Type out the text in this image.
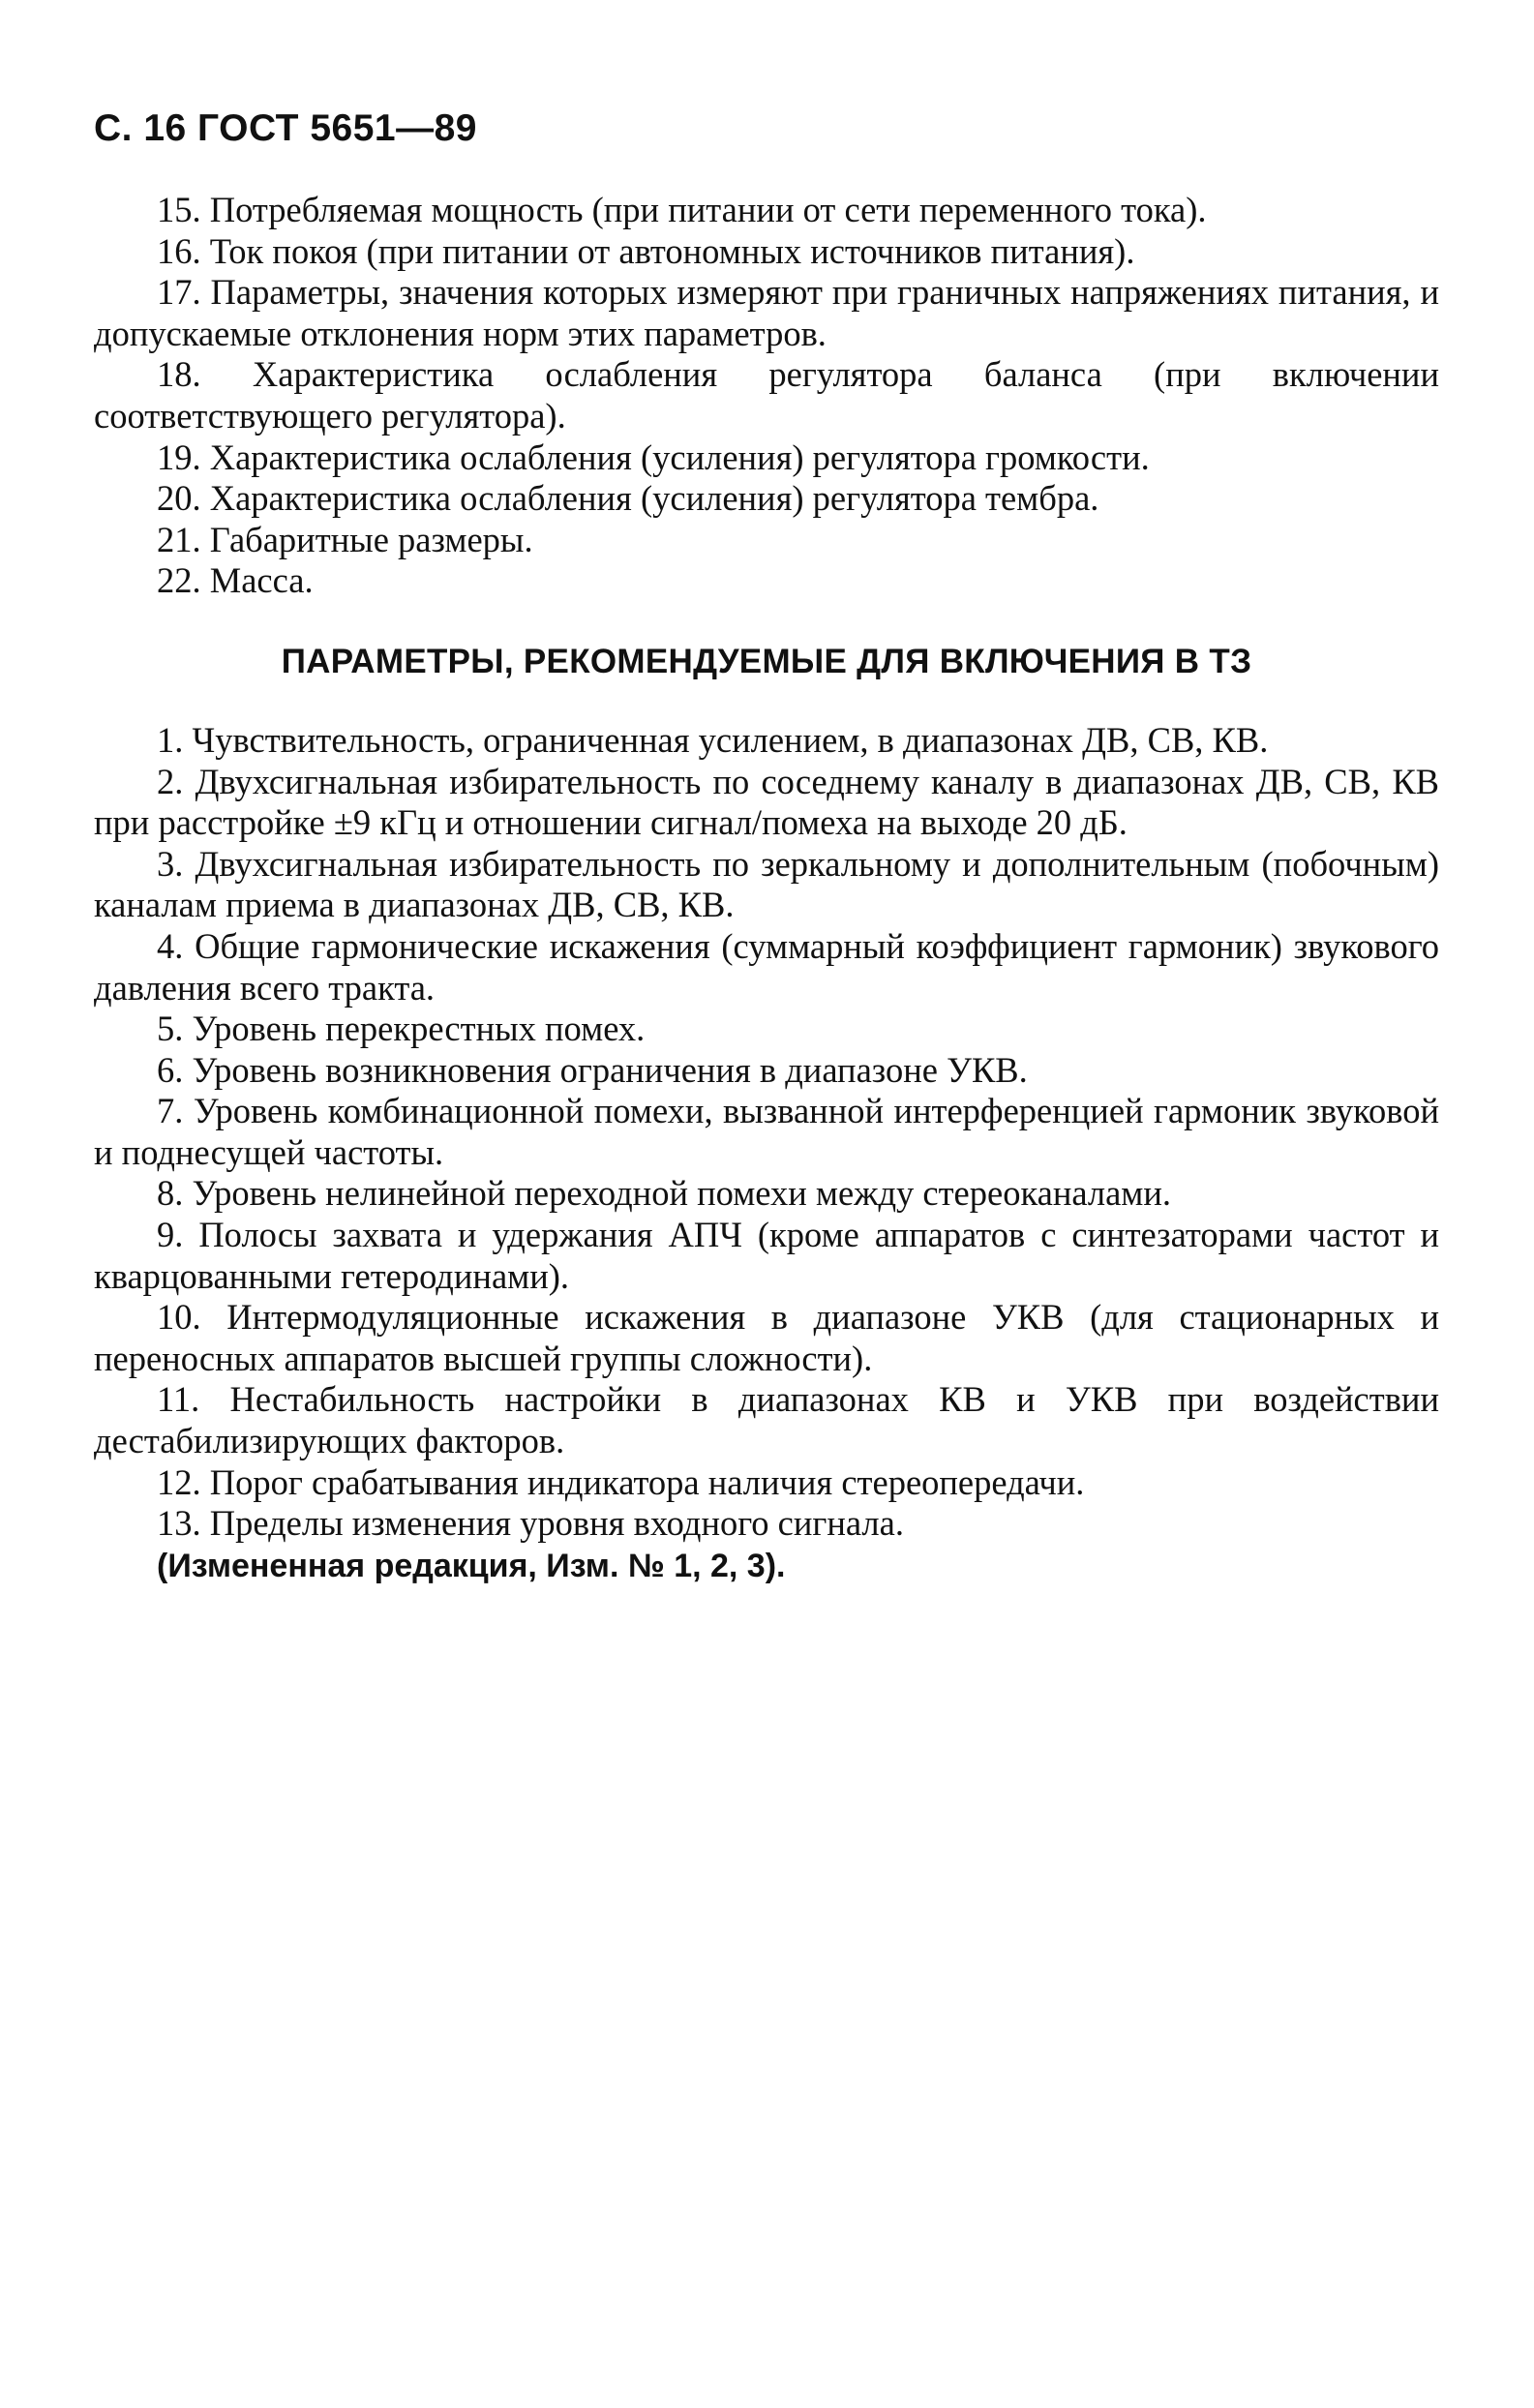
С. 16 ГОСТ 5651—89
15. Потребляемая мощность (при питании от сети переменного тока).
16. Ток покоя (при питании от автономных источников питания).
17. Параметры, значения которых измеряют при граничных напряжениях питания, и допускаемые отклонения норм этих параметров.
18. Характеристика ослабления регулятора баланса (при включении соответствующего регулятора).
19. Характеристика ослабления (усиления) регулятора громкости.
20. Характеристика ослабления (усиления) регулятора тембра.
21. Габаритные размеры.
22. Масса.
ПАРАМЕТРЫ, РЕКОМЕНДУЕМЫЕ ДЛЯ ВКЛЮЧЕНИЯ В ТЗ
1. Чувствительность, ограниченная усилением, в диапазонах ДВ, СВ, КВ.
2. Двухсигнальная избирательность по соседнему каналу в диапазонах ДВ, СВ, КВ при расстройке ±9 кГц и отношении сигнал/помеха на выходе 20 дБ.
3. Двухсигнальная избирательность по зеркальному и дополнительным (побочным) каналам приема в диапазонах ДВ, СВ, КВ.
4. Общие гармонические искажения (суммарный коэффициент гармоник) звукового давления всего тракта.
5. Уровень перекрестных помех.
6. Уровень возникновения ограничения в диапазоне УКВ.
7. Уровень комбинационной помехи, вызванной интерференцией гармоник звуковой и поднесущей частоты.
8. Уровень нелинейной переходной помехи между стереоканалами.
9. Полосы захвата и удержания АПЧ (кроме аппаратов с синтезаторами частот и кварцованными гетеродинами).
10. Интермодуляционные искажения в диапазоне УКВ (для стационарных и переносных аппаратов высшей группы сложности).
11. Нестабильность настройки в диапазонах КВ и УКВ при воздействии дестабилизирующих факторов.
12. Порог срабатывания индикатора наличия стереопередачи.
13. Пределы изменения уровня входного сигнала.

(Измененная редакция, Изм. № 1, 2, 3).
